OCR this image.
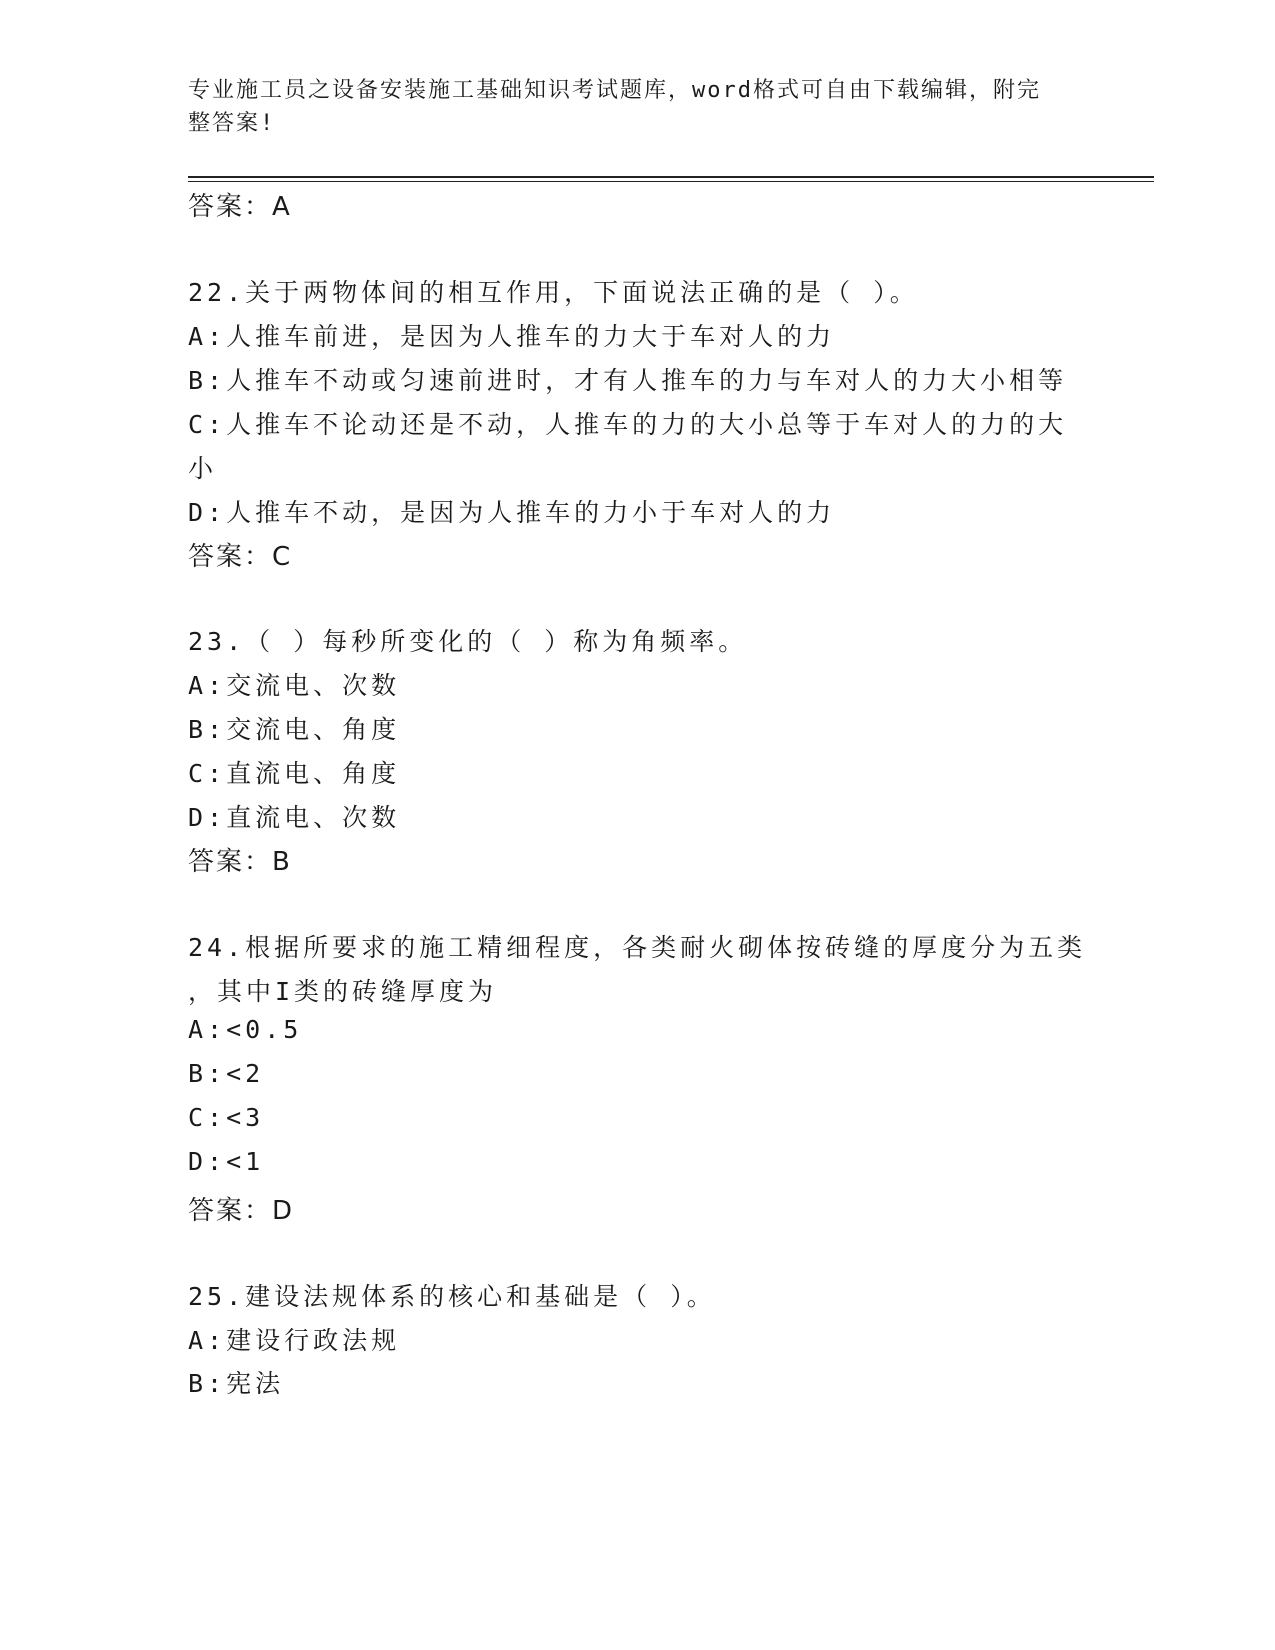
专业施工员之设备安装施工基础知识考试题库，word格式可自由下载编辑，附完
整答案!
答案：A
22.关于两物体间的相互作用，下面说法正确的是（ ）。
A:人推车前进，是因为人推车的力大于车对人的力
B:人推车不动或匀速前进时，才有人推车的力与车对人的力大小相等
C:人推车不论动还是不动，人推车的力的大小总等于车对人的力的大
小
D:人推车不动，是因为人推车的力小于车对人的力
答案：C
23.（ ）每秒所变化的（ ）称为角频率。
A:交流电、次数
B:交流电、角度
C:直流电、角度
D:直流电、次数
答案：B
24.根据所要求的施工精细程度，各类耐火砌体按砖缝的厚度分为五类
，其中I类的砖缝厚度为
A:<0.5
B:<2
C:<3
D:<1
答案：D
25.建设法规体系的核心和基础是（ ）。
A:建设行政法规
B:宪法
